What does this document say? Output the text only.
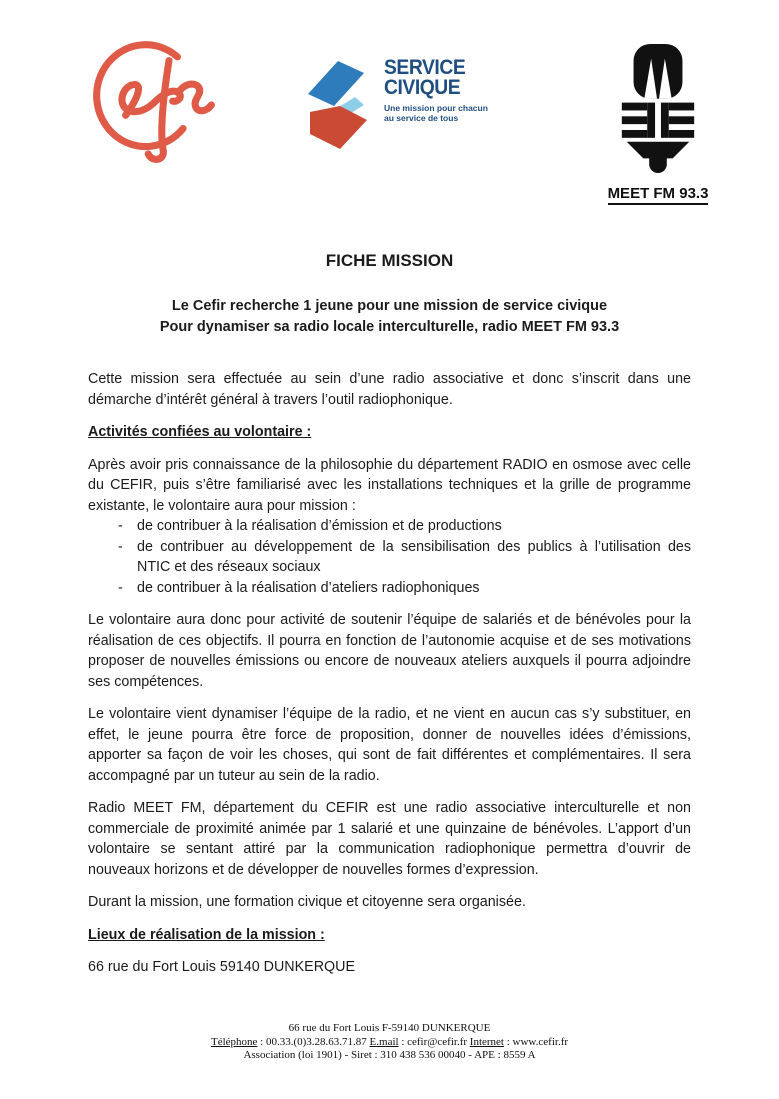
SERVICE
CIVIQUE
Une mission pour chacun
au service de tous
MEET FM 93.3
FICHE MISSION
Le Cefir recherche 1 jeune pour une mission de service civique
Pour dynamiser sa radio locale interculturelle, radio MEET FM 93.3

Cette mission sera effectuée au sein d’une radio associative et donc s’inscrit dans une démarche d’intérêt général à travers l’outil radiophonique.

Activités confiées au volontaire :

Après avoir pris connaissance de la philosophie du département RADIO en osmose avec celle du CEFIR, puis s’être familiarisé avec les installations techniques et la grille de programme existante, le volontaire aura pour mission :

- de contribuer à la réalisation d’émission et de productions
- de contribuer au développement de la sensibilisation des publics à l’utilisation des NTIC et des réseaux sociaux
- de contribuer à la réalisation d’ateliers radiophoniques

Le volontaire aura donc pour activité de soutenir l’équipe de salariés et de bénévoles pour la réalisation de ces objectifs. Il pourra en fonction de l’autonomie acquise et de ses motivations proposer de nouvelles émissions ou encore de nouveaux ateliers auxquels il pourra adjoindre ses compétences.

Le volontaire vient dynamiser l’équipe de la radio, et ne vient en aucun cas s’y substituer, en effet, le jeune pourra être force de proposition, donner de nouvelles idées d’émissions, apporter sa façon de voir les choses, qui sont de fait différentes et complémentaires. Il sera accompagné par un tuteur au sein de la radio.

Radio MEET FM, département du CEFIR est une radio associative interculturelle et non commerciale de proximité animée par 1 salarié et une quinzaine de bénévoles. L’apport d’un volontaire se sentant attiré par la communication radiophonique permettra d’ouvrir de nouveaux horizons et de développer de nouvelles formes d’expression.

Durant la mission, une formation civique et citoyenne sera organisée.

Lieux de réalisation de la mission :

66 rue du Fort Louis 59140 DUNKERQUE

66 rue du Fort Louis F-59140 DUNKERQUE
Téléphone : 00.33.(0)3.28.63.71.87 E.mail : cefir@cefir.fr Internet : www.cefir.fr
Association (loi 1901) - Siret : 310 438 536 00040 - APE : 8559 A
